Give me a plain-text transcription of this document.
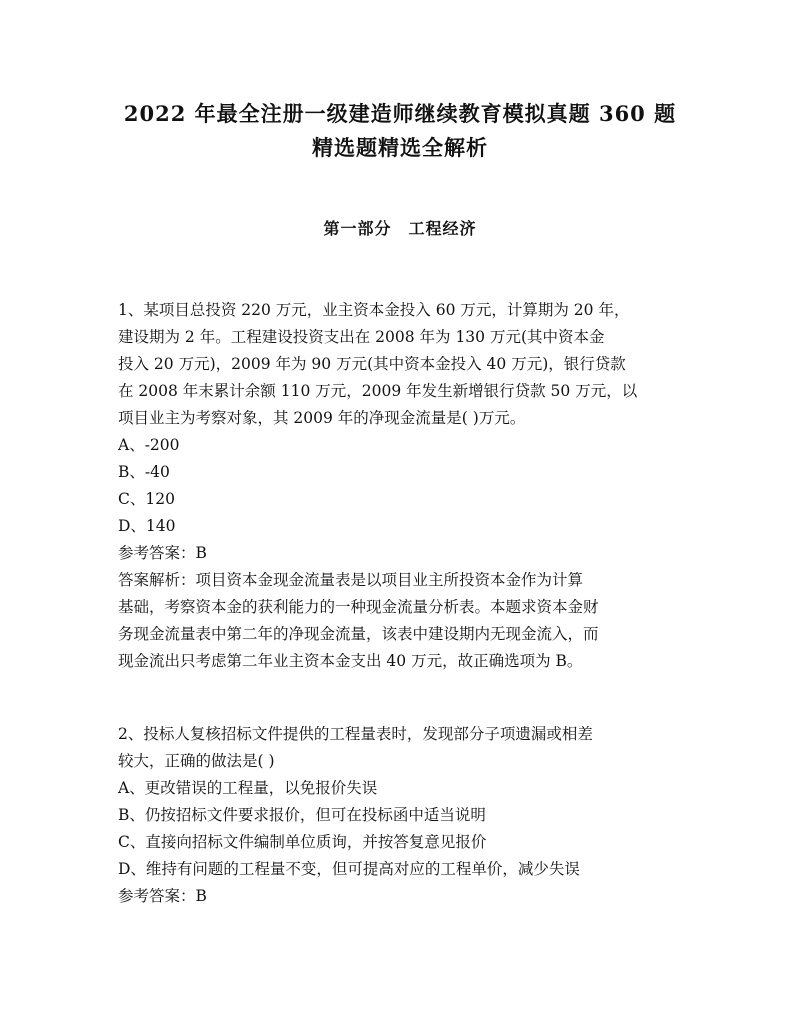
2022 年最全注册一级建造师继续教育模拟真题 360 题
精选题精选全解析
第一部分　工程经济
1、某项目总投资 220 万元，业主资本金投入 60 万元，计算期为 20 年，
建设期为 2 年。工程建设投资支出在 2008 年为 130 万元(其中资本金
投入 20 万元)，2009 年为 90 万元(其中资本金投入 40 万元)，银行贷款
在 2008 年末累计余额 110 万元，2009 年发生新增银行贷款 50 万元，以
项目业主为考察对象，其 2009 年的净现金流量是( )万元。
A、-200
B、-40
C、120
D、140
参考答案：B
答案解析：项目资本金现金流量表是以项目业主所投资本金作为计算
基础，考察资本金的获利能力的一种现金流量分析表。本题求资本金财
务现金流量表中第二年的净现金流量，该表中建设期内无现金流入，而
现金流出只考虑第二年业主资本金支出 40 万元，故正确选项为 B。
2、投标人复核招标文件提供的工程量表时，发现部分子项遗漏或相差
较大，正确的做法是( )
A、更改错误的工程量，以免报价失误
B、仍按招标文件要求报价，但可在投标函中适当说明
C、直接向招标文件编制单位质询，并按答复意见报价
D、维持有问题的工程量不变，但可提高对应的工程单价，减少失误
参考答案：B
